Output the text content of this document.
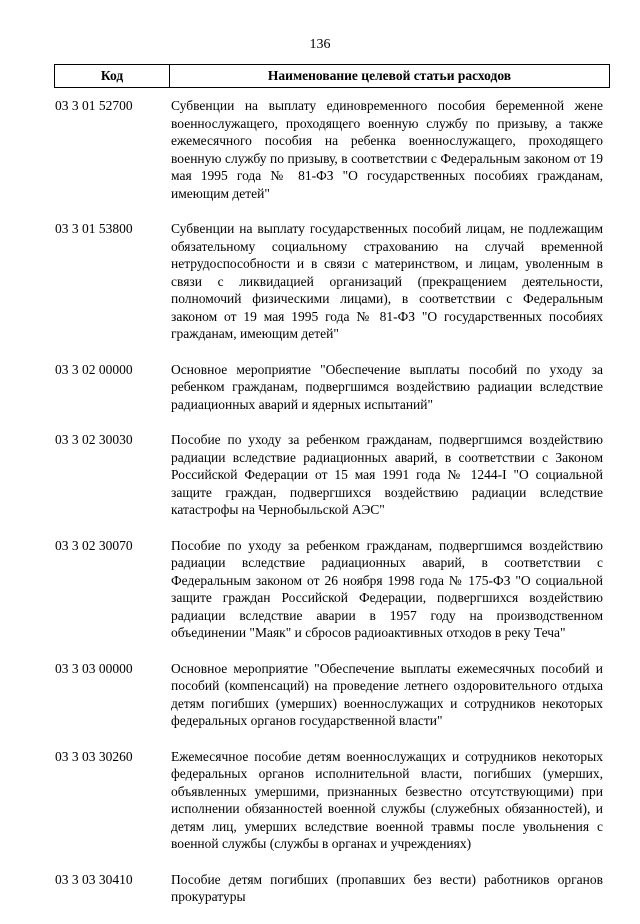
136
Код	Наименование целевой статьи расходов
03 3 01 52700	Субвенции на выплату единовременного пособия беременной жене военнослужащего, проходящего военную службу по призыву, а также ежемесячного пособия на ребенка военнослужащего, проходящего военную службу по призыву, в соответствии с Федеральным законом от 19 мая 1995 года № 81-ФЗ "О государственных пособиях гражданам, имеющим детей"
03 3 01 53800	Субвенции на выплату государственных пособий лицам, не подлежащим обязательному социальному страхованию на случай временной нетрудоспособности и в связи с материнством, и лицам, уволенным в связи с ликвидацией организаций (прекращением деятельности, полномочий физическими лицами), в соответствии с Федеральным законом от 19 мая 1995 года № 81-ФЗ "О государственных пособиях гражданам, имеющим детей"
03 3 02 00000	Основное мероприятие "Обеспечение выплаты пособий по уходу за ребенком гражданам, подвергшимся воздействию радиации вследствие радиационных аварий и ядерных испытаний"
03 3 02 30030	Пособие по уходу за ребенком гражданам, подвергшимся воздействию радиации вследствие радиационных аварий, в соответствии с Законом Российской Федерации от 15 мая 1991 года № 1244-I "О социальной защите граждан, подвергшихся воздействию радиации вследствие катастрофы на Чернобыльской АЭС"
03 3 02 30070	Пособие по уходу за ребенком гражданам, подвергшимся воздействию радиации вследствие радиационных аварий, в соответствии с Федеральным законом от 26 ноября 1998 года № 175-ФЗ "О социальной защите граждан Российской Федерации, подвергшихся воздействию радиации вследствие аварии в 1957 году на производственном объединении "Маяк" и сбросов радиоактивных отходов в реку Теча"
03 3 03 00000	Основное мероприятие "Обеспечение выплаты ежемесячных пособий и пособий (компенсаций) на проведение летнего оздоровительного отдыха детям погибших (умерших) военнослужащих и сотрудников некоторых федеральных органов государственной власти"
03 3 03 30260	Ежемесячное пособие детям военнослужащих и сотрудников некоторых федеральных органов исполнительной власти, погибших (умерших, объявленных умершими, признанных безвестно отсутствующими) при исполнении обязанностей военной службы (служебных обязанностей), и детям лиц, умерших вследствие военной травмы после увольнения с военной службы (службы в органах и учреждениях)
03 3 03 30410	Пособие детям погибших (пропавших без вести) работников органов прокуратуры
